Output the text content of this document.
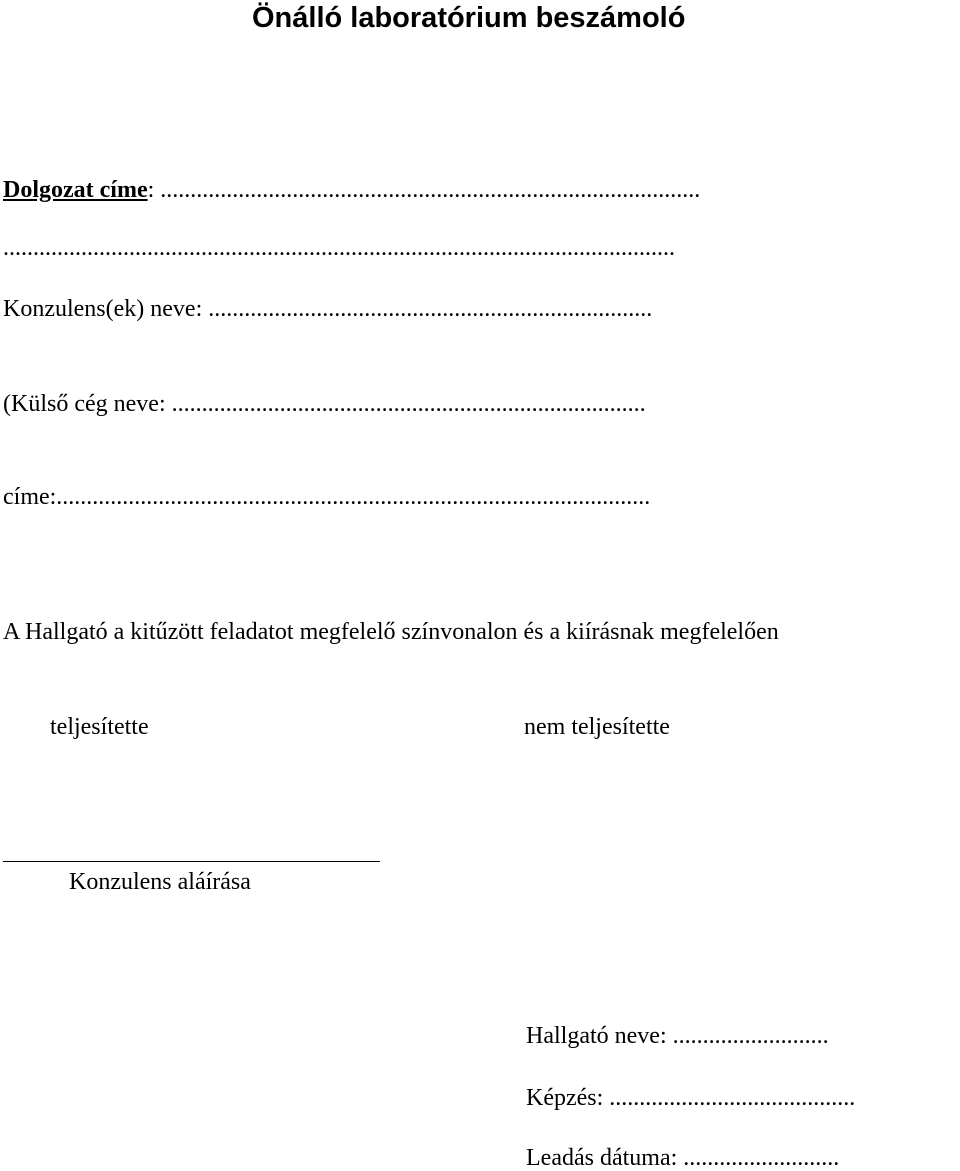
Önálló laboratórium beszámoló
Dolgozat címe: ..........................................................................................
................................................................................................................
Konzulens(ek) neve: ..........................................................................
(Külső cég neve: ...............................................................................
címe:...................................................................................................
A Hallgató a kitűzött feladatot megfelelő színvonalon és a kiírásnak megfelelően
teljesítette	nem teljesítette
Konzulens aláírása
Hallgató neve: ..........................
Képzés: .........................................
Leadás dátuma: ..........................
